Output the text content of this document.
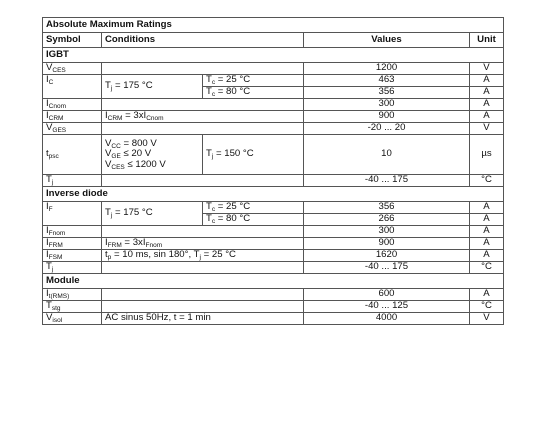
Absolute Maximum Ratings				
Symbol	Conditions		Values	Unit
IGBT				
$V_{CES}$			1200	V
$I_C$	$T_j = 175$ °C	$T_c = 25$ °C	463	A
		$T_c = 80$ °C	356	A
$I_{Cnom}$			300	A
$I_{CRM}$	$I_{CRM} = 3xI_{Cnom}$		900	A
$V_{GES}$			-20 ... 20	V
$t_{psc}$	$V_{CC} = 800$ V
$V_{GE} \le 20$ V
$V_{CES} \le 1200$ V	$T_j = 150$ °C	10	µs
$T_j$			-40 ... 175	°C
Inverse diode				
$I_F$	$T_j = 175$ °C	$T_c = 25$ °C	356	A
		$T_c = 80$ °C	266	A
$I_{Fnom}$			300	A
$I_{FRM}$	$I_{FRM} = 3xI_{Fnom}$		900	A
$I_{FSM}$	$t_p = 10$ ms, sin 180°, $T_j = 25$ °C		1620	A
$T_j$			-40 ... 175	°C
Module				
$I_{t(RMS)}$			600	A
$T_{stg}$			-40 ... 125	°C
$V_{isol}$	AC sinus 50Hz, t = 1 min		4000	V
